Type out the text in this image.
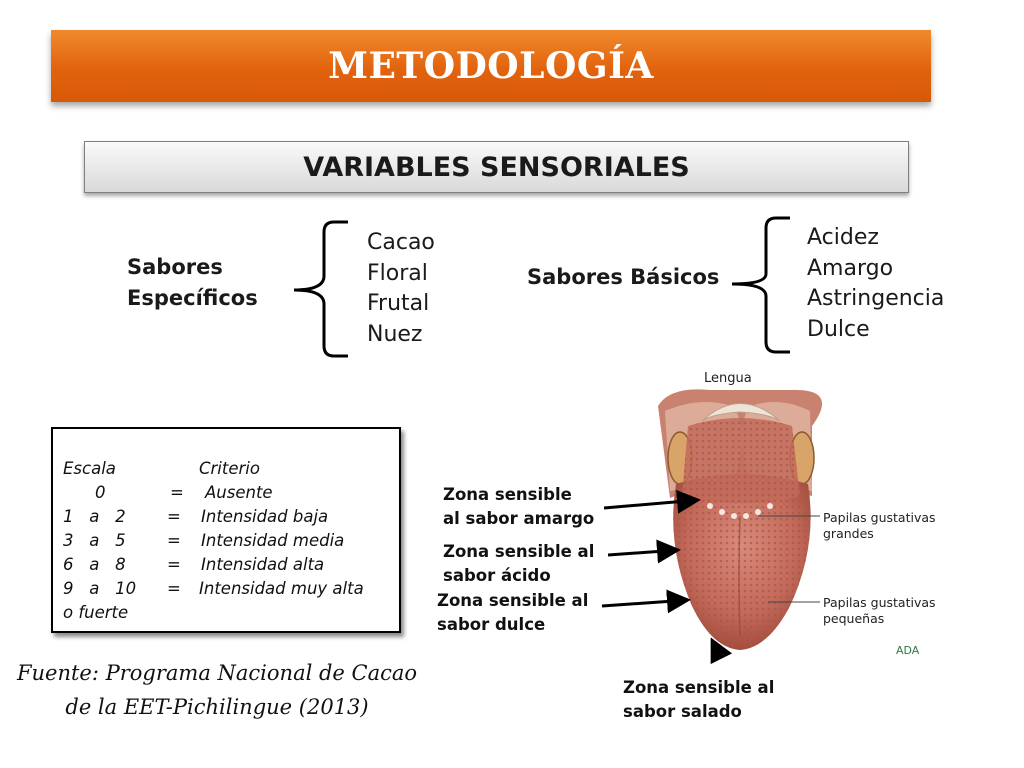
METODOLOGÍA
VARIABLES SENSORIALES
Sabores
Específicos
Cacao
Floral
Frutal
Nuez
Sabores Básicos
Acidez
Amargo
Astringencia
Dulce
Escala	Criterio
0	= Ausente
1   a   2	= Intensidad baja
3   a   5	= Intensidad media
6   a   8	= Intensidad alta
9   a   10 = Intensidad muy alta
o fuerte
Fuente: Programa Nacional de Cacao
de la EET-Pichilingue (2013)
Lengua
Papilas gustativas
grandes
Papilas gustativas
pequeñas
ADA
Zona sensible
al sabor amargo
Zona sensible al
sabor ácido
Zona sensible al
sabor dulce
Zona sensible al
sabor salado
